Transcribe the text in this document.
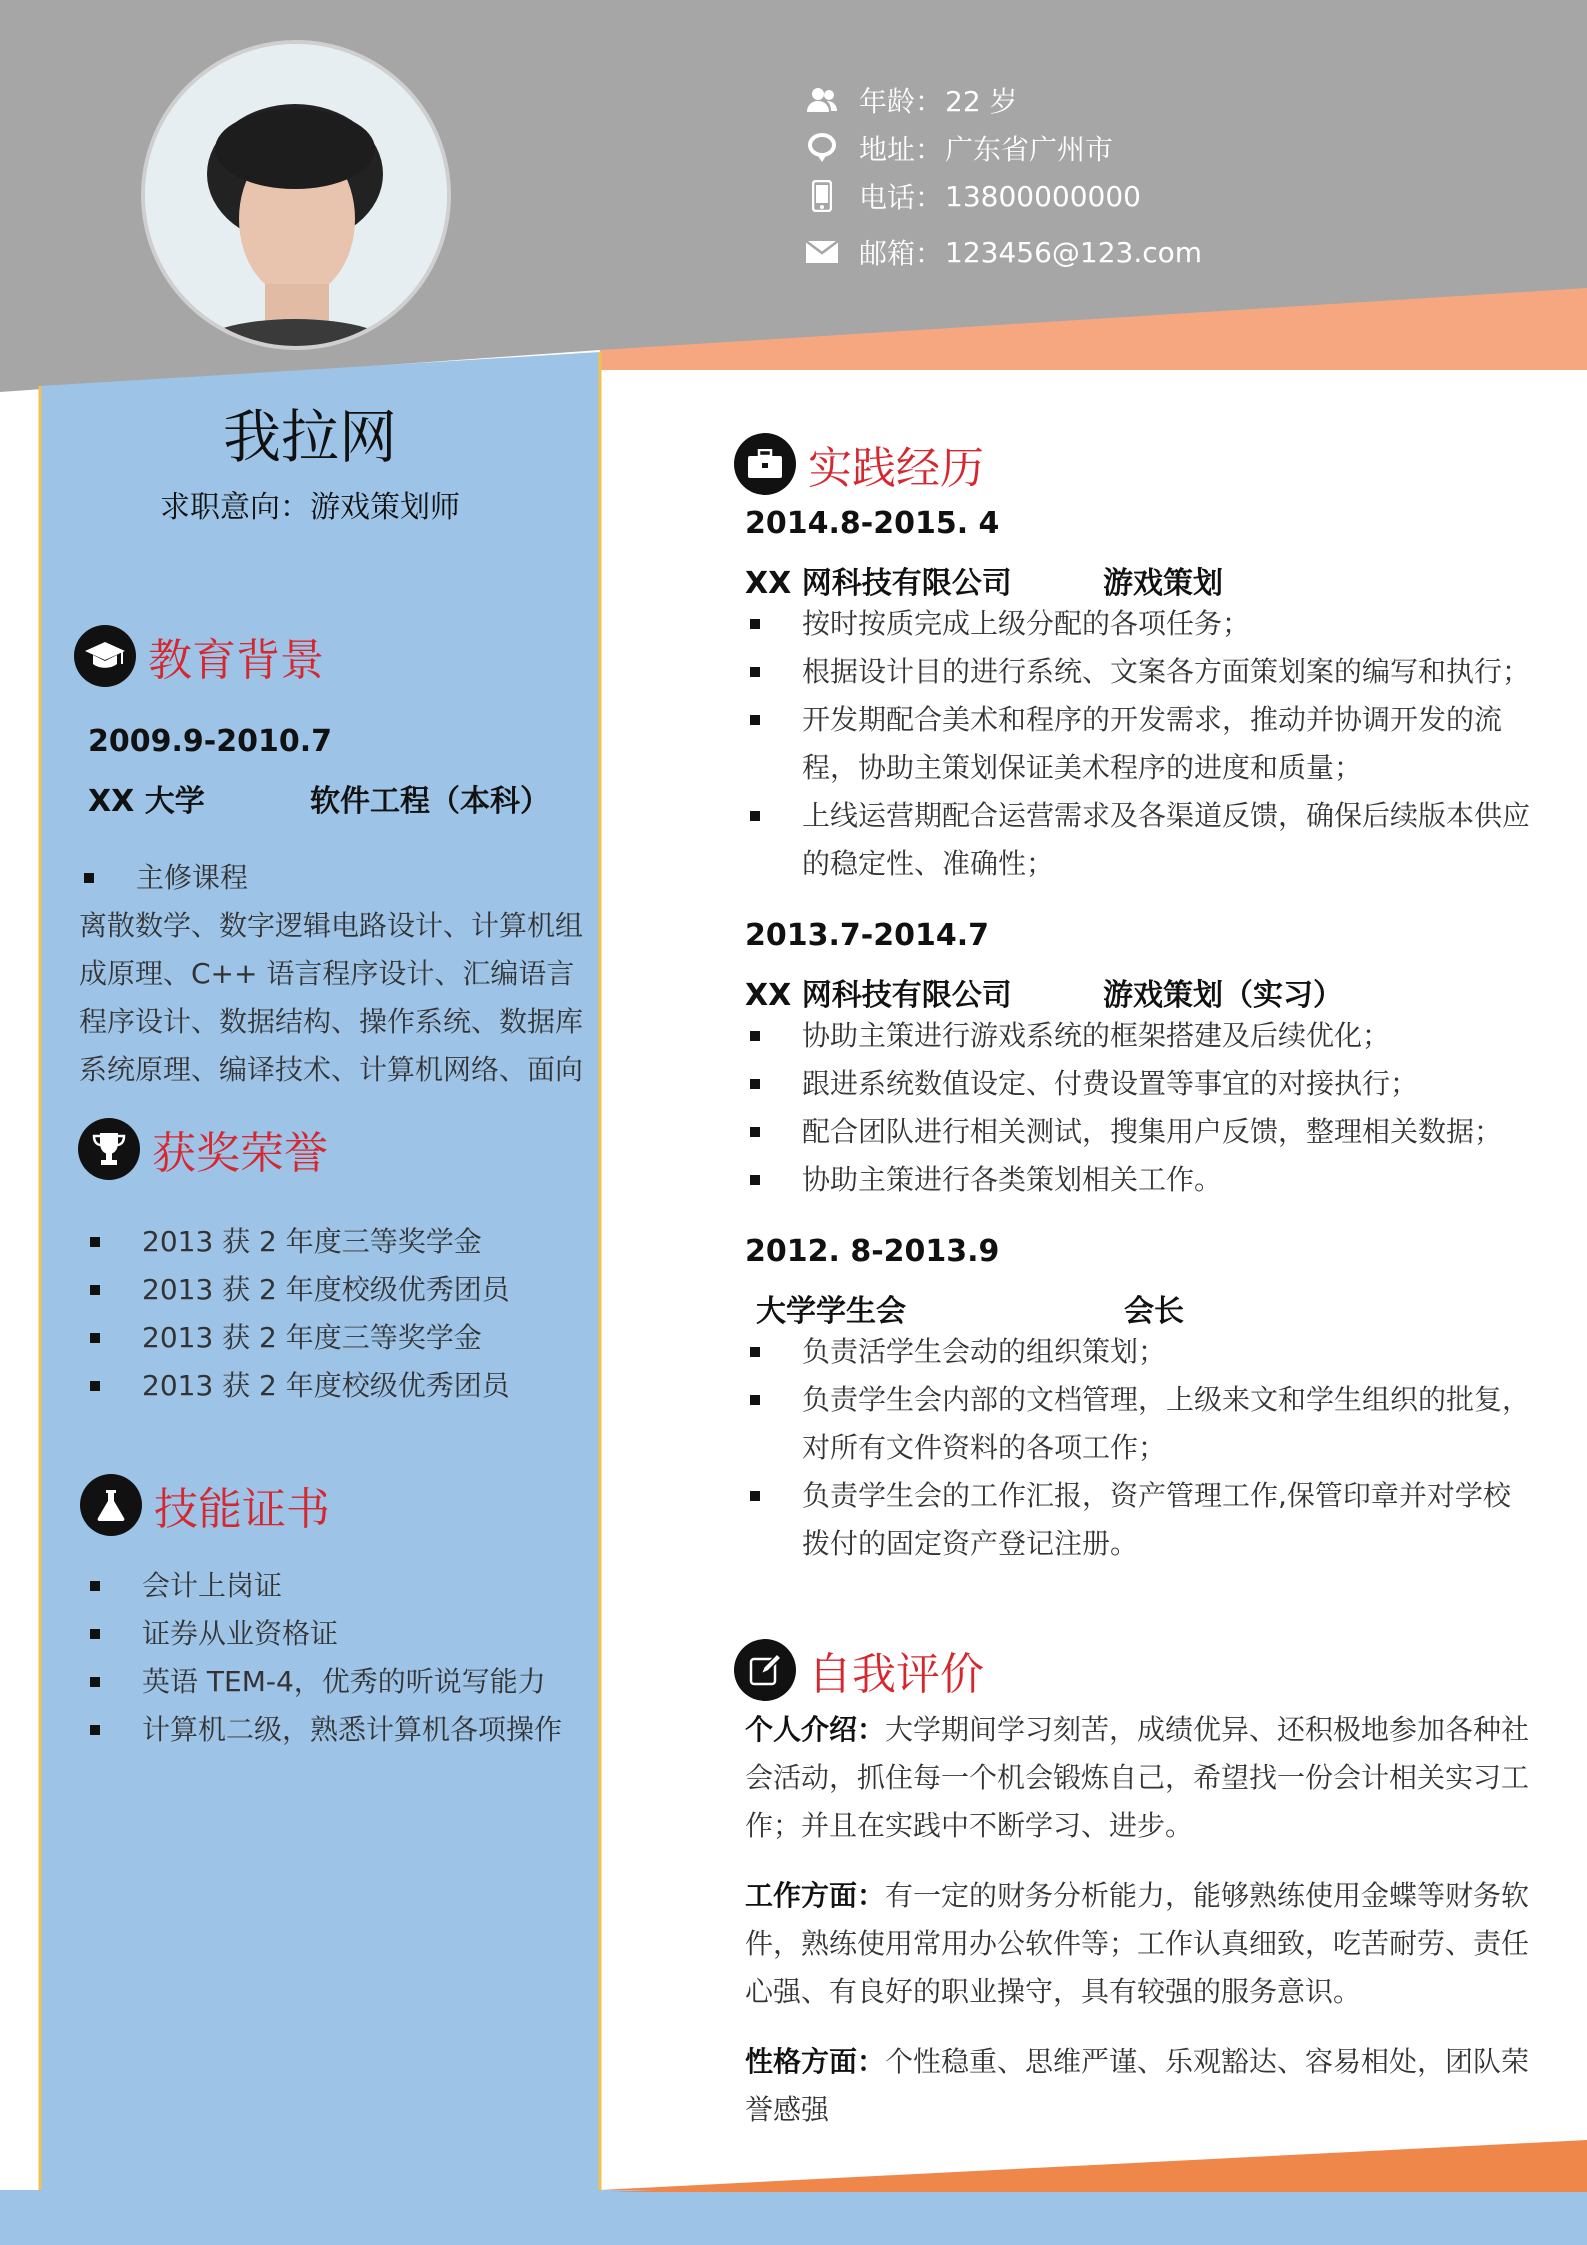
年龄： 22 岁
地址： 广东省广州市
电话： 13800000000
邮箱： 123456@123.com
我拉网
求职意向：游戏策划师
教育背景
2009.9-2010.7
XX 大学	软件工程（本科）
主修课程
离散数学、数字逻辑电路设计、计算机组
成原理、C++ 语言程序设计、汇编语言
程序设计、数据结构、操作系统、数据库
系统原理、编译技术、计算机网络、面向
获奖荣誉
2013 获 2 年度三等奖学金
2013 获 2 年度校级优秀团员
2013 获 2 年度三等奖学金
2013 获 2 年度校级优秀团员
技能证书
会计上岗证
证券从业资格证
英语 TEM-4，优秀的听说写能力
计算机二级，熟悉计算机各项操作
实践经历
2014.8-2015. 4
XX 网科技有限公司	游戏策划
按时按质完成上级分配的各项任务；
根据设计目的进行系统、文案各方面策划案的编写和执行；
开发期配合美术和程序的开发需求，推动并协调开发的流程，协助主策划保证美术程序的进度和质量；
上线运营期配合运营需求及各渠道反馈，确保后续版本供应的稳定性、准确性；
2013.7-2014.7
XX 网科技有限公司	游戏策划（实习）
协助主策进行游戏系统的框架搭建及后续优化；
跟进系统数值设定、付费设置等事宜的对接执行；
配合团队进行相关测试，搜集用户反馈，整理相关数据；
协助主策进行各类策划相关工作。
2012. 8-2013.9
大学学生会	会长
负责活学生会动的组织策划；
负责学生会内部的文档管理，上级来文和学生组织的批复，对所有文件资料的各项工作；
负责学生会的工作汇报，资产管理工作,保管印章并对学校拨付的固定资产登记注册。
自我评价
个人介绍：大学期间学习刻苦，成绩优异、还积极地参加各种社会活动，抓住每一个机会锻炼自己，希望找一份会计相关实习工作；并且在实践中不断学习、进步。
工作方面：有一定的财务分析能力，能够熟练使用金蝶等财务软件，熟练使用常用办公软件等；工作认真细致，吃苦耐劳、责任心强、有良好的职业操守，具有较强的服务意识。
性格方面：个性稳重、思维严谨、乐观豁达、容易相处，团队荣誉感强
